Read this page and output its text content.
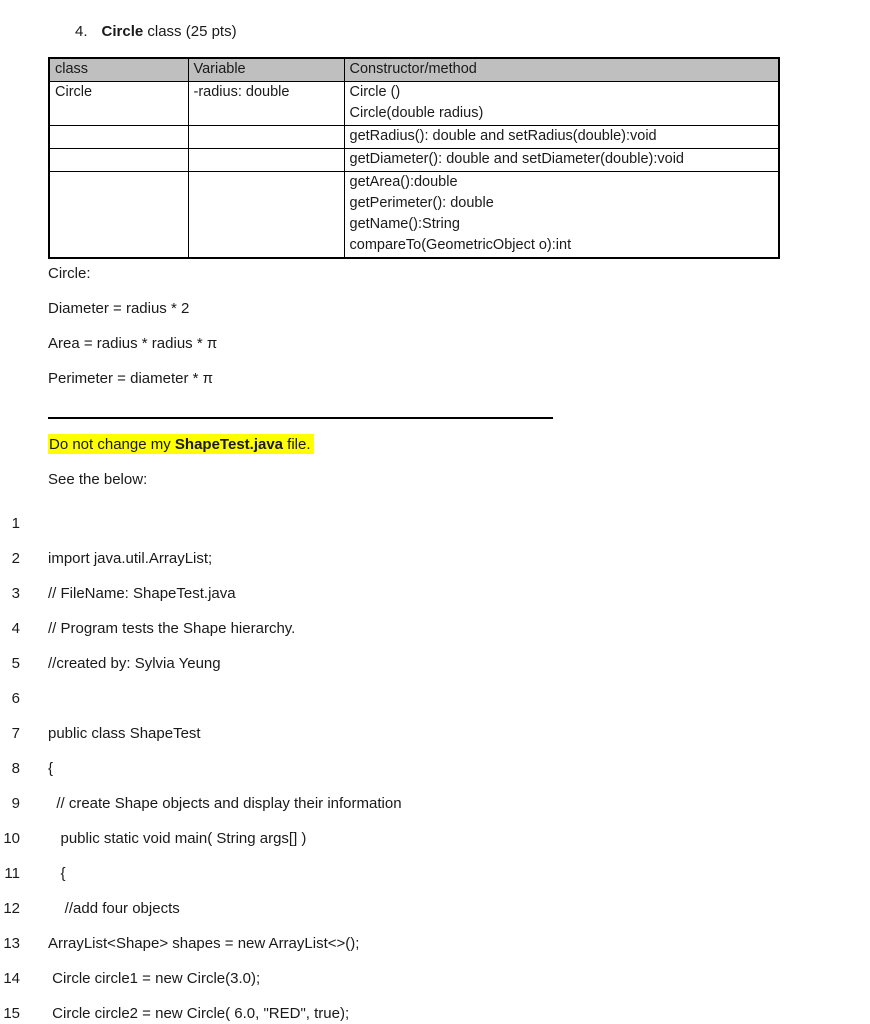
4. Circle class (25 pts)
class	Variable	Constructor/method
Circle	-radius: double	Circle ()
Circle(double radius)

		getRadius(): double and setRadius(double):void
		getDiameter(): double and setDiameter(double):void

		getArea():double
getPerimeter(): double
getName():String
compareTo(GeometricObject o):int
Circle:
Diameter = radius * 2
Area = radius * radius * π
Perimeter = diameter * π
Do not change my ShapeTest.java file.
See the below:
1
2	import java.util.ArrayList;
3	// FileName: ShapeTest.java
4	// Program tests the Shape hierarchy.
5	//created by: Sylvia Yeung
6
7	public class ShapeTest
8	{
9	// create Shape objects and display their information
10	public static void main( String args[] )
11	{
12	//add four objects
13	ArrayList<Shape> shapes = new ArrayList<>();
14	Circle circle1 = new Circle(3.0);
15	Circle circle2 = new Circle( 6.0, "RED", true);
